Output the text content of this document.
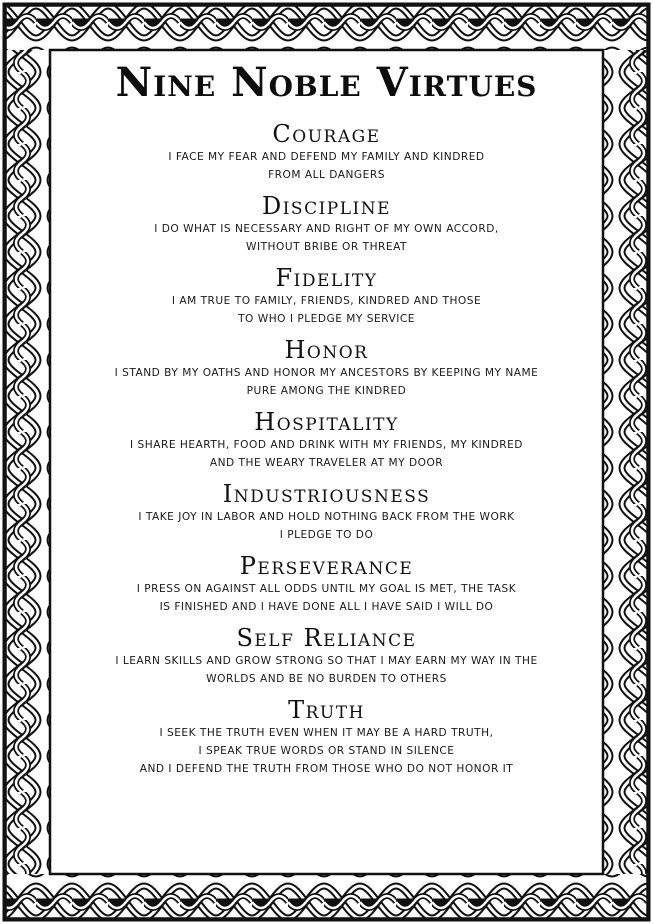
Nine Noble Virtues
Courage
I FACE MY FEAR AND DEFEND MY FAMILY AND KINDRED
FROM ALL DANGERS
Discipline
I DO WHAT IS NECESSARY AND RIGHT OF MY OWN ACCORD,
WITHOUT BRIBE OR THREAT
Fidelity
I AM TRUE TO FAMILY, FRIENDS, KINDRED AND THOSE
TO WHO I PLEDGE MY SERVICE
Honor
I STAND BY MY OATHS AND HONOR MY ANCESTORS BY KEEPING MY NAME
PURE AMONG THE KINDRED
Hospitality
I SHARE HEARTH, FOOD AND DRINK WITH MY FRIENDS, MY KINDRED
AND THE WEARY TRAVELER AT MY DOOR
Industriousness
I TAKE JOY IN LABOR AND HOLD NOTHING BACK FROM THE WORK
I PLEDGE TO DO
Perseverance
I PRESS ON AGAINST ALL ODDS UNTIL MY GOAL IS MET, THE TASK
IS FINISHED AND I HAVE DONE ALL I HAVE SAID I WILL DO
Self Reliance
I LEARN SKILLS AND GROW STRONG SO THAT I MAY EARN MY WAY IN THE
WORLDS AND BE NO BURDEN TO OTHERS
Truth
I SEEK THE TRUTH EVEN WHEN IT MAY BE A HARD TRUTH,
I SPEAK TRUE WORDS OR STAND IN SILENCE
AND I DEFEND THE TRUTH FROM THOSE WHO DO NOT HONOR IT
